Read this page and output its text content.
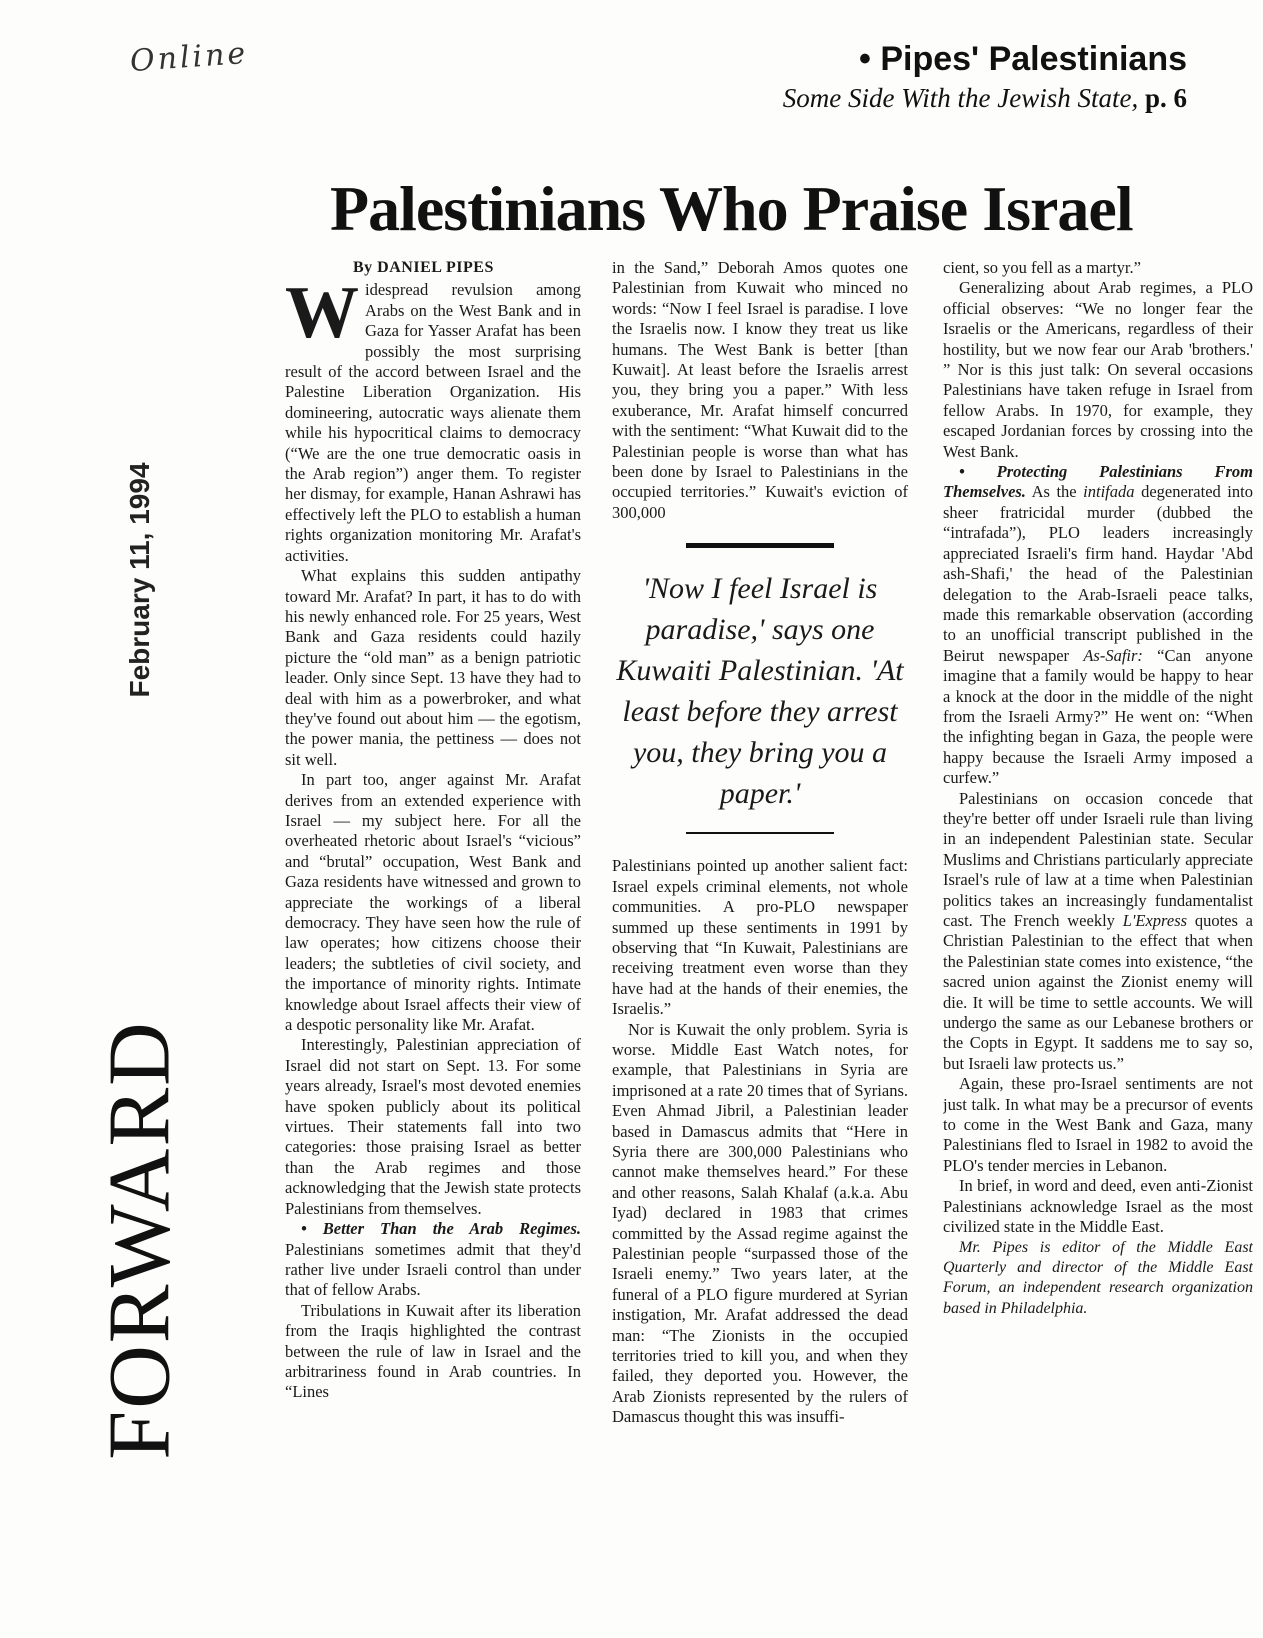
Online	• Pipes' Palestinians
Some Side With the Jewish State, p. 6
February 11, 1994
FORWARD
Palestinians Who Praise Israel
By DANIEL PIPES

Widespread revulsion among Arabs on the West Bank and in Gaza for Yasser Arafat has been possibly the most surprising result of the accord between Israel and the Palestine Liberation Organization. His domineering, autocratic ways alienate them while his hypocritical claims to democracy (“We are the one true democratic oasis in the Arab region”) anger them. To register her dismay, for example, Hanan Ashrawi has effectively left the PLO to establish a human rights organization monitoring Mr. Arafat's activities.

What explains this sudden antipathy toward Mr. Arafat? In part, it has to do with his newly enhanced role. For 25 years, West Bank and Gaza residents could hazily picture the “old man” as a benign patriotic leader. Only since Sept. 13 have they had to deal with him as a powerbroker, and what they've found out about him — the egotism, the power mania, the pettiness — does not sit well.

In part too, anger against Mr. Arafat derives from an extended experience with Israel — my subject here. For all the overheated rhetoric about Israel's “vicious” and “brutal” occupation, West Bank and Gaza residents have witnessed and grown to appreciate the workings of a liberal democracy. They have seen how the rule of law operates; how citizens choose their leaders; the subtleties of civil society, and the importance of minority rights. Intimate knowledge about Israel affects their view of a despotic personality like Mr. Arafat.

Interestingly, Palestinian appreciation of Israel did not start on Sept. 13. For some years already, Israel's most devoted enemies have spoken publicly about its political virtues. Their statements fall into two categories: those praising Israel as better than the Arab regimes and those acknowledging that the Jewish state protects Palestinians from themselves.

• Better Than the Arab Regimes. Palestinians sometimes admit that they'd rather live under Israeli control than under that of fellow Arabs.

Tribulations in Kuwait after its liberation from the Iraqis highlighted the contrast between the rule of law in Israel and the arbitrariness found in Arab countries. In “Lines

in the Sand,” Deborah Amos quotes one Palestinian from Kuwait who minced no words: “Now I feel Israel is paradise. I love the Israelis now. I know they treat us like humans. The West Bank is better [than Kuwait]. At least before the Israelis arrest you, they bring you a paper.” With less exuberance, Mr. Arafat himself concurred with the sentiment: “What Kuwait did to the Palestinian people is worse than what has been done by Israel to Palestinians in the occupied territories.” Kuwait's eviction of 300,000

'Now I feel Israel is paradise,' says one Kuwaiti Palestinian. 'At least before they arrest you, they bring you a paper.'

Palestinians pointed up another salient fact: Israel expels criminal elements, not whole communities. A pro-PLO newspaper summed up these sentiments in 1991 by observing that “In Kuwait, Palestinians are receiving treatment even worse than they have had at the hands of their enemies, the Israelis.”

Nor is Kuwait the only problem. Syria is worse. Middle East Watch notes, for example, that Palestinians in Syria are imprisoned at a rate 20 times that of Syrians. Even Ahmad Jibril, a Palestinian leader based in Damascus admits that “Here in Syria there are 300,000 Palestinians who cannot make themselves heard.” For these and other reasons, Salah Khalaf (a.k.a. Abu Iyad) declared in 1983 that crimes committed by the Assad regime against the Palestinian people “surpassed those of the Israeli enemy.” Two years later, at the funeral of a PLO figure murdered at Syrian instigation, Mr. Arafat addressed the dead man: “The Zionists in the occupied territories tried to kill you, and when they failed, they deported you. However, the Arab Zionists represented by the rulers of Damascus thought this was insuffi-

cient, so you fell as a martyr.”

Generalizing about Arab regimes, a PLO official observes: “We no longer fear the Israelis or the Americans, regardless of their hostility, but we now fear our Arab 'brothers.' ” Nor is this just talk: On several occasions Palestinians have taken refuge in Israel from fellow Arabs. In 1970, for example, they escaped Jordanian forces by crossing into the West Bank.

• Protecting Palestinians From Themselves. As the intifada degenerated into sheer fratricidal murder (dubbed the “intrafada”), PLO leaders increasingly appreciated Israeli's firm hand. Haydar 'Abd ash-Shafi,' the head of the Palestinian delegation to the Arab-Israeli peace talks, made this remarkable observation (according to an unofficial transcript published in the Beirut newspaper As-Safir: “Can anyone imagine that a family would be happy to hear a knock at the door in the middle of the night from the Israeli Army?” He went on: “When the infighting began in Gaza, the people were happy because the Israeli Army imposed a curfew.”

Palestinians on occasion concede that they're better off under Israeli rule than living in an independent Palestinian state. Secular Muslims and Christians particularly appreciate Israel's rule of law at a time when Palestinian politics takes an increasingly fundamentalist cast. The French weekly L'Express quotes a Christian Palestinian to the effect that when the Palestinian state comes into existence, “the sacred union against the Zionist enemy will die. It will be time to settle accounts. We will undergo the same as our Lebanese brothers or the Copts in Egypt. It saddens me to say so, but Israeli law protects us.”

Again, these pro-Israel sentiments are not just talk. In what may be a precursor of events to come in the West Bank and Gaza, many Palestinians fled to Israel in 1982 to avoid the PLO's tender mercies in Lebanon.

In brief, in word and deed, even anti-Zionist Palestinians acknowledge Israel as the most civilized state in the Middle East.

Mr. Pipes is editor of the Middle East Quarterly and director of the Middle East Forum, an independent research organization based in Philadelphia.
